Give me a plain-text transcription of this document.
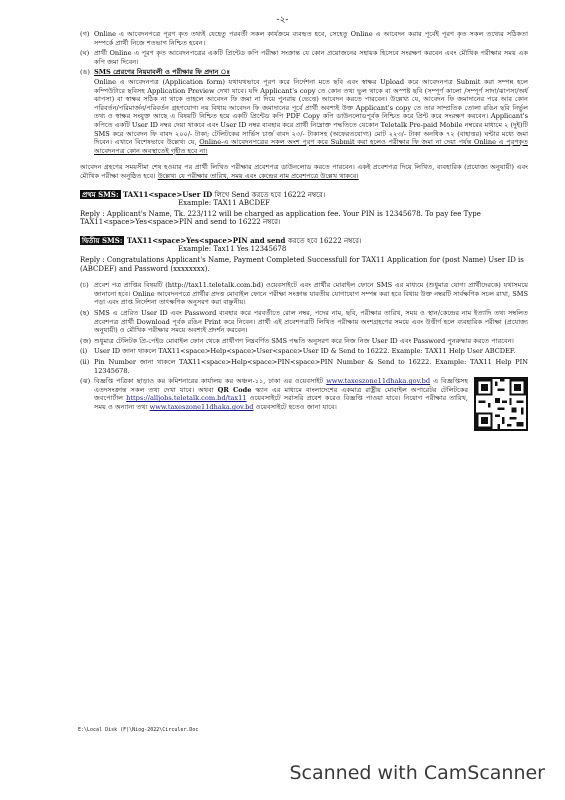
-২-
(গ) Online এ আবেদনপত্রে পূরণ কৃত তথ্যই যেহেতু পরবর্তী সকল কার্যক্রমে ব্যবহৃত হবে, সেহেতু Online এ আবেদন করার পূর্বেই পূরণ কৃত সকল তথ্যের সঠিকতা সম্পর্কে প্রার্থী নিজে শতভাগ নিশ্চিত হবেন।
(ঘ) প্রার্থী Online এ পূরণ কৃত আবেদনপত্রের একটি প্রিন্টেড কপি পরীক্ষা সংক্রান্ত যে কোন প্রয়োজনের সহায়ক হিসেবে সংরক্ষণ করবেন এবং মৌখিক পরীক্ষার সময় এক কপি জমা দিবেন।
(ঙ) SMS প্রেরণের নিয়মাবলী ও পরীক্ষার ফি প্রদান ঃ
Online এ আবেদনপত্র (Application form) যথাযথভাবে পূরণ করে নির্দেশনা মতে ছবি এবং স্বাক্ষর Upload করে আবেদনপত্র Submit করা সম্পন্ন হলে কম্পিউটারে ছবিসহ Application Preview দেখা যাবে। যদি Applicant's copy তে কোন তথ্য ভুল থাকে বা অস্পষ্ট ছবি (সম্পূর্ণ কালো /সম্পূর্ণ সাদা/ঝাপসা/অর্ধ ঝাপসা) বা স্বাক্ষর সঠিক না থাকে তাহলে আবেদন ফি জমা না দিয়ে পুনরায় (ভেত্তে) আবেদন করতে পারবেন। উল্লেখ্য যে, আবেদন ফি জমাদানের পরে আর কোন পরিবর্তন/পরিমার্জন/পরিবর্তন গ্রহণযোগ্য নয় বিধায় আবেদন ফি জমাদানের পূর্বে প্রার্থী অবশ্যই উক্ত Applicant's copy তে তার সাম্প্রতিক তোলা রঙিন ছবি নির্ভুল তথ্য ও স্বাক্ষর সংযুক্ত আছে এ বিষয়টি নিশ্চিত হয়ে একটি প্রিন্টেড কপি PDF Copy কপি ডাউনলোডপূর্বক নিশ্চিত করে প্রিন্ট করে সংরক্ষণ করবেন। Applicant's কপিতে একটি User ID নম্বর দেয়া থাকবে এবং User ID নম্বর ব্যবহার করে প্রার্থী নিম্নোক্ত পদ্ধতিতে যেকোন Teletalk Pre-paid Mobile নম্বরের মাধ্যমে ২ (দুই)টি SMS করে আবেদন ফি বাবদ ২০০/- টাকা; টেলিটকের সার্ভিস চার্জ বাবদ ২৩/- টাকাসহ (অফেরতযোগ্য) মোট ২২৩/- টাকা অনধিক ৭২ (বাহাত্তর) ঘন্টার মধ্যে জমা দিবেন। এখানে বিশেষভাবে উল্লেখ্য যে, Online-এ আবেদনপত্রের সকল অংশ পূরণ করে Submit করা হলেও পরীক্ষার ফি জমা না দেয়া পর্যন্ত Online এ পূরণকৃত আবেদনপত্র কোন অবস্থাতেই গৃহীত হবে না।
আবেদন গ্রহণের সময়সীমা শেষ হওয়ার পর প্রার্থী লিখিত পরীক্ষার প্রবেশপত্র ডাউনলোড করতে পারবেন। একই প্রবেশপত্র দিয়ে লিখিত, ব্যবহারিক (প্রযোজ্য অনুযায়ী) এবং মৌখিক পরীক্ষা অনুষ্ঠিত হবে। উল্লেখ্য যে পরীক্ষার তারিখ, সময় এবং কেন্দ্রের নাম প্রবেশপত্রে উল্লেখ থাকবে।
প্রথম SMS: TAX11<space>User ID লিখে Send করতে হবে 16222 নম্বরে।
Example: TAX11 ABCDEF
Reply : Applicant's Name, Tk. 223/112 will be charged as application fee. Your PIN is 12345678. To pay fee Type TAX11<space>Yes<space>PIN and send to 16222 নম্বরে।
দ্বিতীয় SMS: TAX11<space>Yes<space>PIN and send করতে হবে 16222 নম্বরে।
Example: Tax11 Yes 12345678
Reply : Congratulations Applicant's Name, Payment Completed Successfull for TAX11 Application for (post Name) User ID is (ABCDEF) and Password (xxxxxxxx).
(চ) প্রবেশ পত্র প্রাপ্তির বিষয়টি (http://tax11.teletalk.com.bd) ওয়েবসাইটে এবং প্রার্থীর মোবাইল ফোনে SMS এর মাধ্যমে (শুধুমাত্র যোগ্য প্রার্থীদেরকে) যথাসময়ে জানানো হবে। Online আবেদনপত্রে প্রার্থীর প্রদত্ত মোবাইল ফোনে পরীক্ষা সংক্রান্ত যাবতীয় যোগাযোগ সম্পন্ন করা হবে বিধায় উক্ত নম্বরটি সার্বক্ষণিক সচল রাখা, SMS পড়া এবং প্রাপ্ত নির্দেশনা তাৎক্ষণিক অনুসরণ করা বাঞ্ছনীয়।
(ছ) SMS এ প্রেরিত User ID এবং Password ব্যবহার করে পরবর্তীতে রোল নম্বর, পদের নাম, ছবি, পরীক্ষার তারিখ, সময় ও স্থান/কেন্দ্রের নাম ইত্যাদি তথ্য সম্বলিত প্রবেশপত্র প্রার্থী Download পূর্বক রঙিন Print করে নিবেন। প্রার্থী এই প্রবেশপত্রটি লিখিত পরীক্ষায় অংশগ্রহণের সময়ে এবং উত্তীর্ণ হলে ব্যবহারিক পরীক্ষা (প্রযোজ্য অনুযায়ী) ও মৌখিক পরীক্ষার সময়ে অবশ্যই প্রদর্শন করবেন।
(জ) শুধুমাত্র টেলিটক প্রি-পেইড মোবাইল ফোন থেকে প্রার্থীগণ নিম্নবর্ণিত SMS পদ্ধতি অনুসরণ করে নিজ নিজ User ID এবং Password পুনরুদ্ধার করতে পারবেন।
(i)	User ID জানা থাকলে TAX11<space>Help<space>User<space>User ID & Send to 16222. Example: TAX11 Help User ABCDEF.
(ii) Pin Number জানা থাকলে TAX11<space>Help<space>PIN<space>PIN Number & Send to 16222. Example: TAX11 Help PIN 12345678.
(ঝ) বিজ্ঞপ্তি পত্রিকা ছাড়াও কর কমিশনারের কার্যালয় কর অঞ্চল-১১, ঢাকা এর ওয়েবসাইট www.taxeszone11dhaka.gov.bd এ বিজ্ঞপ্তিসহ এতদসংক্রান্ত সকল তথ্য দেখা যাবে। অথবা QR Code স্ক্যান এর মাধ্যমে বাংলাদেশের একমাত্র রাষ্ট্রীয় মোবাইল অপারেটর টেলিটকের জবপোর্টাল https://alljobs.teletalk.com.bd/tax11 ওয়েবসাইটে সরাসরি প্রবেশ করেও বিজ্ঞপ্তি পাওয়া যাবে। নিয়োগ পরীক্ষার তারিখ, সময় ও অন্যান্য তথ্য www.taxeszone11dhaka.gov.bd ওয়েবসাইটে হতেও জানা যাবে।
E:\Local Disk (F)\Niog-2022\Circuler.Doc
Scanned with CamScanner
